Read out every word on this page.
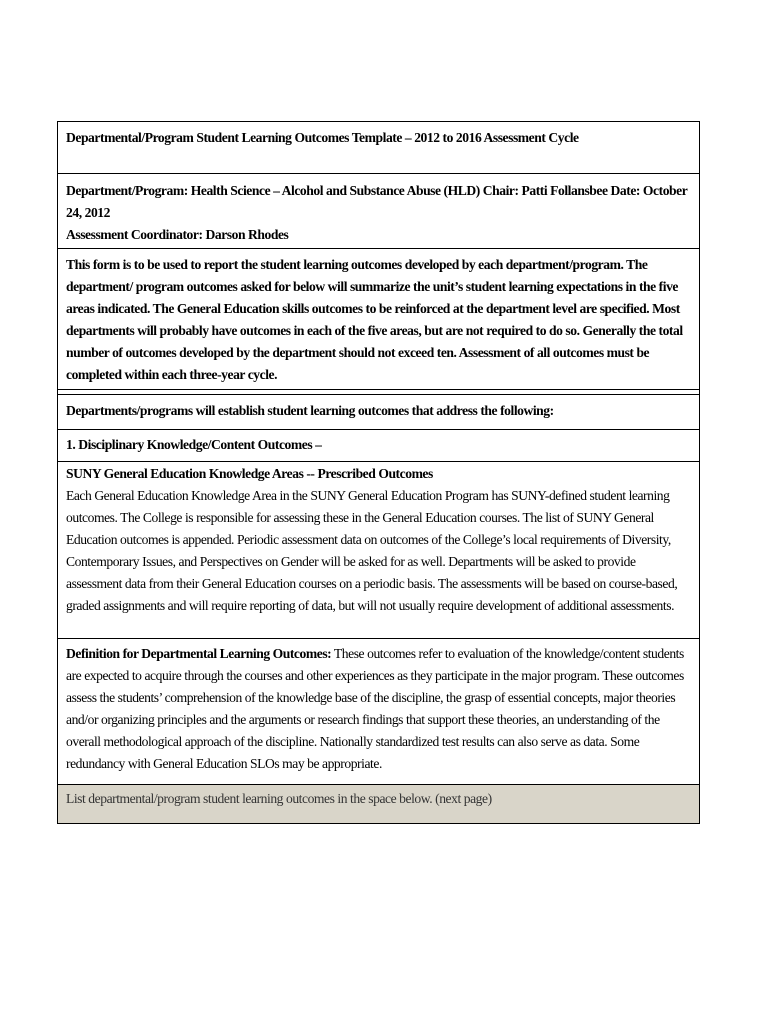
Departmental/Program Student Learning Outcomes Template – 2012 to 2016 Assessment Cycle
Department/Program: Health Science – Alcohol and Substance Abuse (HLD) Chair: Patti Follansbee Date: October 24, 2012
Assessment Coordinator: Darson Rhodes
This form is to be used to report the student learning outcomes developed by each department/program. The department/ program outcomes asked for below will summarize the unit’s student learning expectations in the five areas indicated. The General Education skills outcomes to be reinforced at the department level are specified. Most departments will probably have outcomes in each of the five areas, but are not required to do so. Generally the total number of outcomes developed by the department should not exceed ten. Assessment of all outcomes must be completed within each three-year cycle.
Departments/programs will establish student learning outcomes that address the following:
1. Disciplinary Knowledge/Content Outcomes –
SUNY General Education Knowledge Areas -- Prescribed Outcomes
Each General Education Knowledge Area in the SUNY General Education Program has SUNY-defined student learning outcomes. The College is responsible for assessing these in the General Education courses. The list of SUNY General Education outcomes is appended. Periodic assessment data on outcomes of the College’s local requirements of Diversity, Contemporary Issues, and Perspectives on Gender will be asked for as well. Departments will be asked to provide assessment data from their General Education courses on a periodic basis. The assessments will be based on course-based, graded assignments and will require reporting of data, but will not usually require development of additional assessments.
Definition for Departmental Learning Outcomes: These outcomes refer to evaluation of the knowledge/content students are expected to acquire through the courses and other experiences as they participate in the major program. These outcomes assess the students’ comprehension of the knowledge base of the discipline, the grasp of essential concepts, major theories and/or organizing principles and the arguments or research findings that support these theories, an understanding of the overall methodological approach of the discipline. Nationally standardized test results can also serve as data. Some redundancy with General Education SLOs may be appropriate.
List departmental/program student learning outcomes in the space below. (next page)
